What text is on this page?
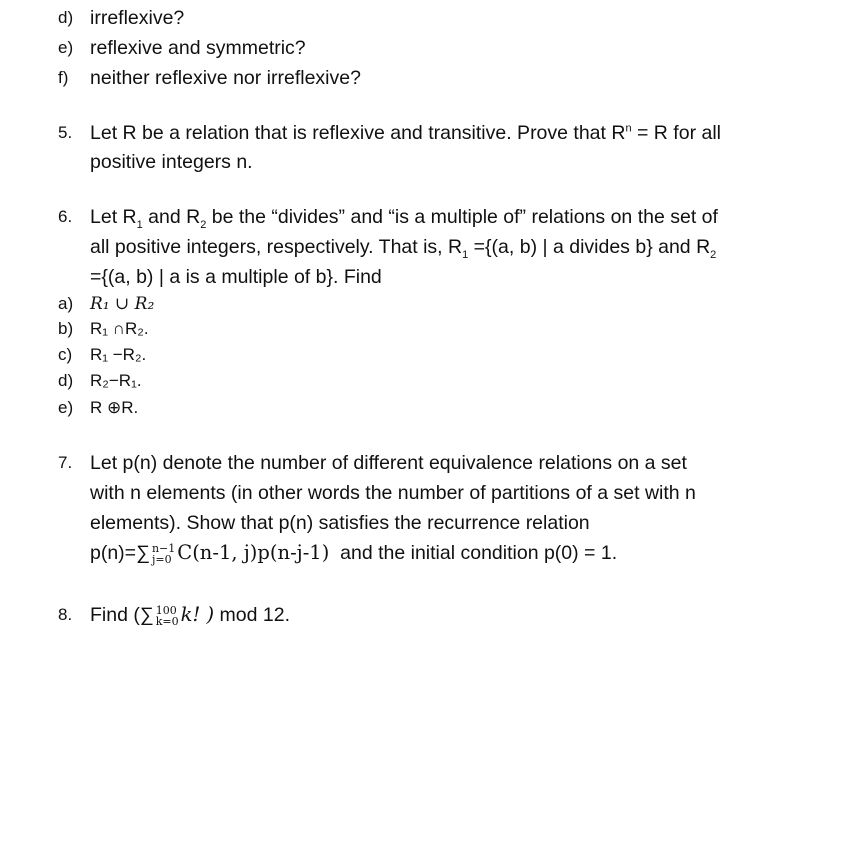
d) irreflexive?
e) reflexive and symmetric?
f) neither reflexive nor irreflexive?
5. Let R be a relation that is reflexive and transitive. Prove that $R^n = R$ for all
positive integers n.
6. Let $R_1$ and $R_2$ be the “divides” and “is a multiple of” relations on the set of
all positive integers, respectively. That is, $R_1 =\{(a$, b) | a divides b} and $R_2$
={(a, b) | a is a multiple of b}. Find
a) R₁ ∪ R₂
b) R₁ ∩R₂.
c) R₁ −R₂.
d) R₂−R₁.
e) R ⊕R.
7. Let p(n) denote the number of different equivalence relations on a set
with n elements (in other words the number of partitions of a set with n
elements). Show that p(n) satisfies the recurrence relation
p(n)=∑ n−1
j=0 C(n-1, j)p(n-j-1) and the initial condition p(0) = 1.
8. Find (∑ 100
k=0 k! ) mod 12.
